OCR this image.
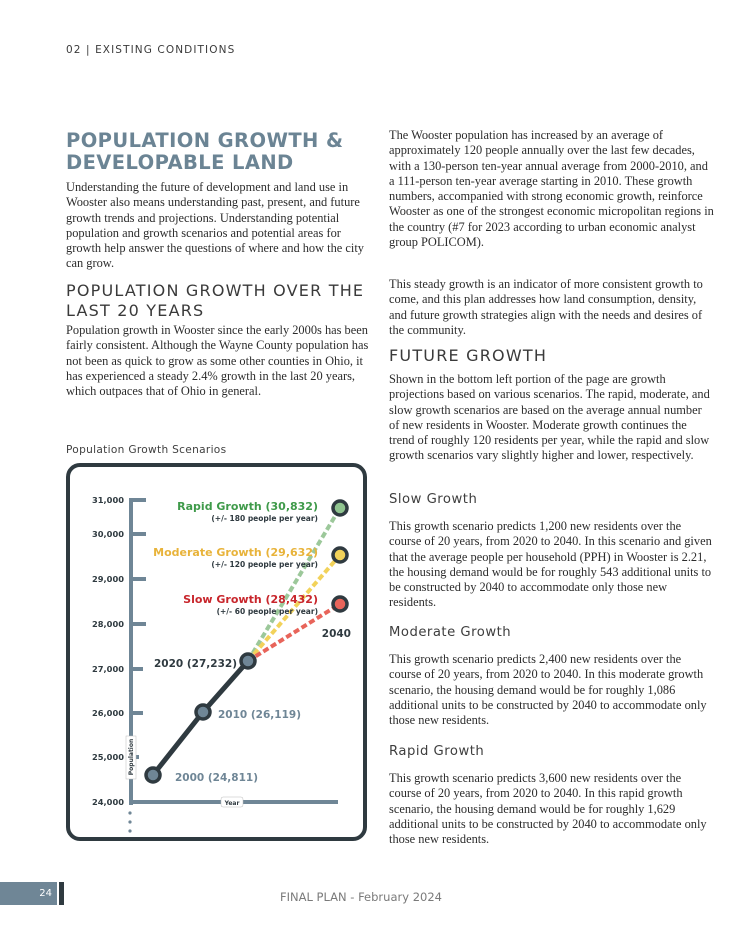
02 | EXISTING CONDITIONS
POPULATION GROWTH & DEVELOPABLE LAND
Understanding the future of development and land use in Wooster also means understanding past, present, and future growth trends and projections. Understanding potential population and growth scenarios and potential areas for growth help answer the questions of where and how the city can grow.
POPULATION GROWTH OVER THE LAST 20 YEARS
Population growth in Wooster since the early 2000s has been fairly consistent. Although the Wayne County population has not been as quick to grow as some other counties in Ohio, it has experienced a steady 2.4% growth in the last 20 years, which outpaces that of Ohio in general.
The Wooster population has increased by an average of approximately 120 people annually over the last few decades, with a 130-person ten-year annual average from 2000-2010, and a 111-person ten-year average starting in 2010. These growth numbers, accompanied with strong economic growth, reinforce Wooster as one of the strongest economic micropolitan regions in the country (#7 for 2023 according to urban economic analyst group POLICOM).
This steady growth is an indicator of more consistent growth to come, and this plan addresses how land consumption, density, and future growth strategies align with the needs and desires of the community.
FUTURE GROWTH
Shown in the bottom left portion of the page are growth projections based on various scenarios. The rapid, moderate, and slow growth scenarios are based on the average annual number of new residents in Wooster. Moderate growth continues the trend of roughly 120 residents per year, while the rapid and slow growth scenarios vary slightly higher and lower, respectively.
Slow Growth
This growth scenario predicts 1,200 new residents over the course of 20 years, from 2020 to 2040. In this scenario and given that the average people per household (PPH) in Wooster is 2.21, the housing demand would be for roughly 543 additional units to be constructed by 2040 to accommodate only those new residents.
Moderate Growth
This growth scenario predicts 2,400 new residents over the course of 20 years, from 2020 to 2040. In this moderate growth scenario, the housing demand would be for roughly 1,086 additional units to be constructed by 2040 to accommodate only those new residents.
Rapid Growth
This growth scenario predicts 3,600 new residents over the course of 20 years, from 2020 to 2040. In this rapid growth scenario, the housing demand would be for roughly 1,629 additional units to be constructed by 2040 to accommodate only those new residents.
Population Growth Scenarios
31,000
30,000
29,000
28,000
27,000
26,000
25,000
24,000
Population
Year
2000 (24,811)
2010 (26,119)
2020 (27,232)
2040
Rapid Growth (30,832)
(+/- 180 people per year)
Moderate Growth (29,632)
(+/- 120 people per year)
Slow Growth (28,432)
(+/- 60 people per year)
24	FINAL PLAN - February 2024
